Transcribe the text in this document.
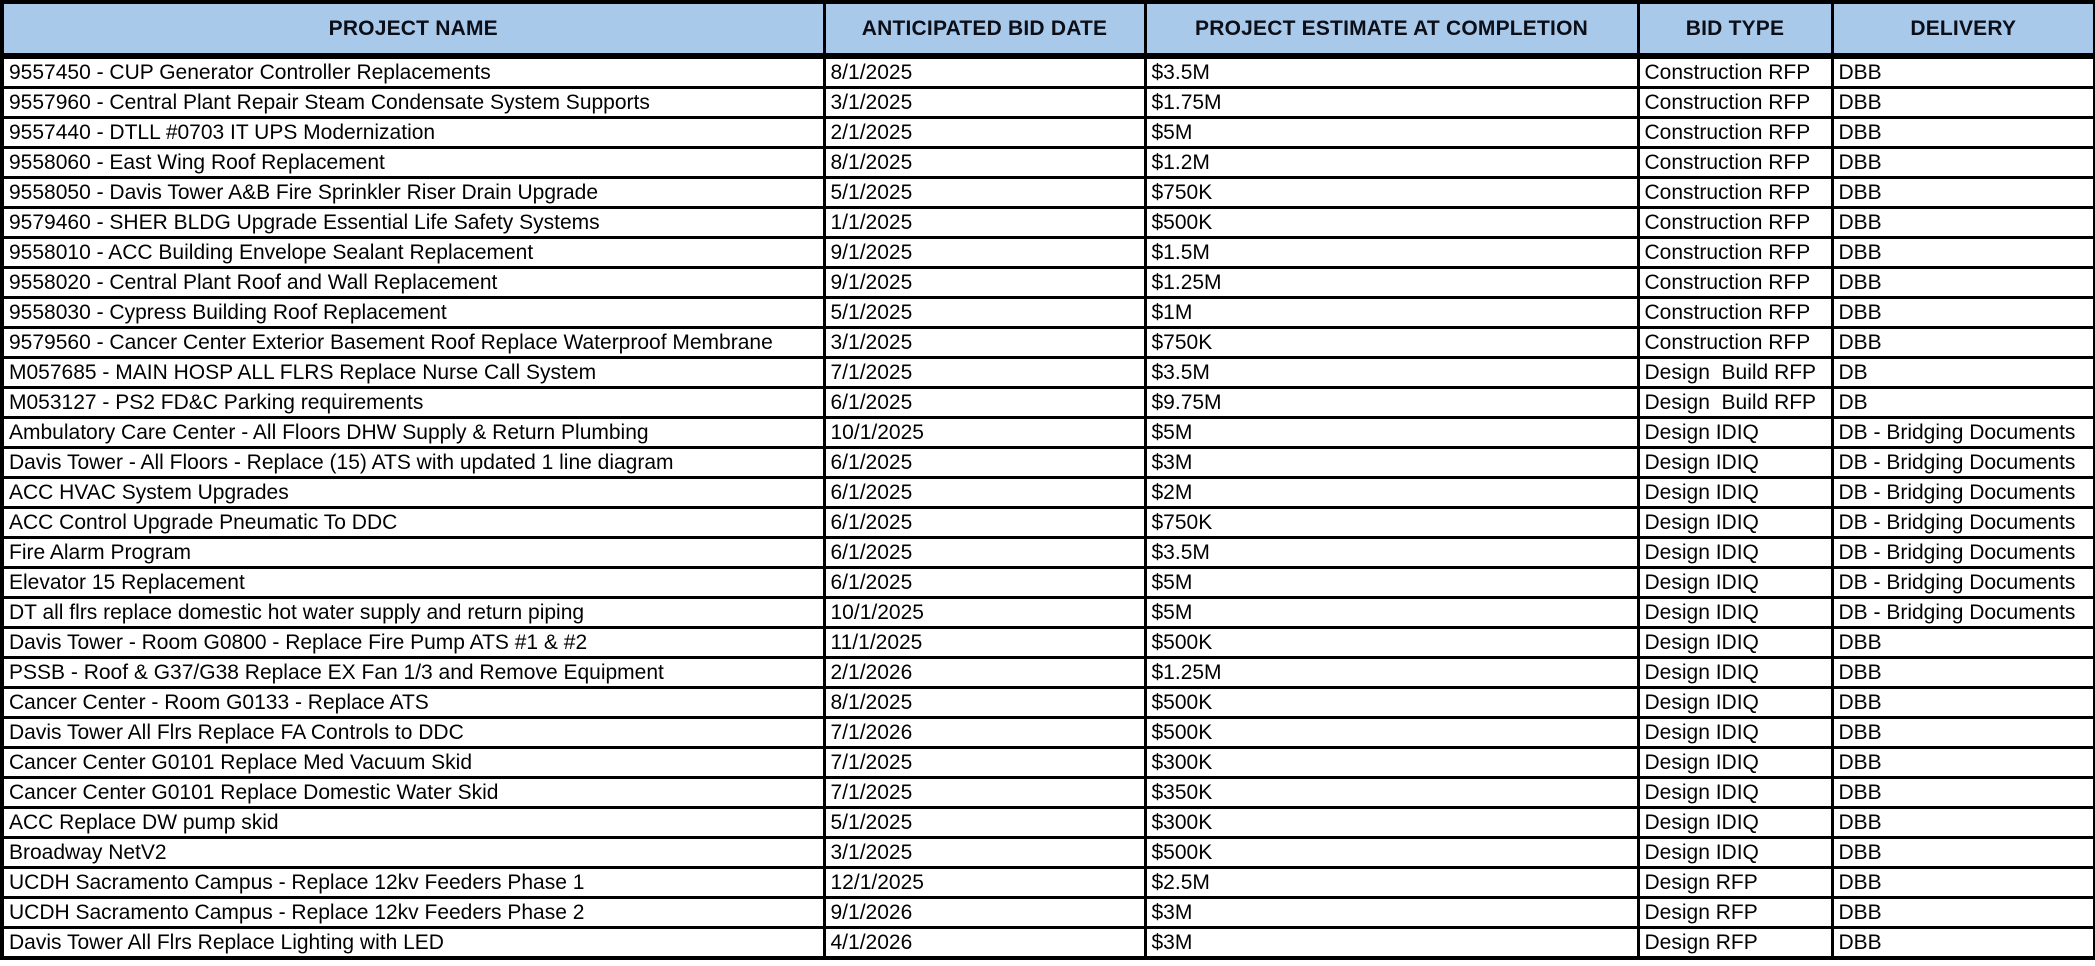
PROJECT NAME	ANTICIPATED BID DATE	PROJECT ESTIMATE AT COMPLETION	BID TYPE	DELIVERY
9557450 - CUP Generator Controller Replacements	8/1/2025	$3.5M	Construction RFP	DBB
9557960 - Central Plant Repair Steam Condensate System Supports	3/1/2025	$1.75M	Construction RFP	DBB
9557440 - DTLL #0703 IT UPS Modernization	2/1/2025	$5M	Construction RFP	DBB
9558060 - East Wing Roof Replacement	8/1/2025	$1.2M	Construction RFP	DBB
9558050 - Davis Tower A&B Fire Sprinkler Riser Drain Upgrade	5/1/2025	$750K	Construction RFP	DBB
9579460 - SHER BLDG Upgrade Essential Life Safety Systems	1/1/2025	$500K	Construction RFP	DBB
9558010 - ACC Building Envelope Sealant Replacement	9/1/2025	$1.5M	Construction RFP	DBB
9558020 - Central Plant Roof and Wall Replacement	9/1/2025	$1.25M	Construction RFP	DBB
9558030 - Cypress Building Roof Replacement	5/1/2025	$1M	Construction RFP	DBB
9579560 - Cancer Center Exterior Basement Roof Replace Waterproof Membrane	3/1/2025	$750K	Construction RFP	DBB
M057685 - MAIN HOSP ALL FLRS Replace Nurse Call System	7/1/2025	$3.5M	Design  Build RFP	DB
M053127 - PS2 FD&C Parking requirements	6/1/2025	$9.75M	Design  Build RFP	DB
Ambulatory Care Center - All Floors DHW Supply & Return Plumbing	10/1/2025	$5M	Design IDIQ	DB - Bridging Documents
Davis Tower - All Floors - Replace (15) ATS with updated 1 line diagram	6/1/2025	$3M	Design IDIQ	DB - Bridging Documents
ACC HVAC System Upgrades	6/1/2025	$2M	Design IDIQ	DB - Bridging Documents
ACC Control Upgrade Pneumatic To DDC	6/1/2025	$750K	Design IDIQ	DB - Bridging Documents
Fire Alarm Program	6/1/2025	$3.5M	Design IDIQ	DB - Bridging Documents
Elevator 15 Replacement	6/1/2025	$5M	Design IDIQ	DB - Bridging Documents
DT all flrs replace domestic hot water supply and return piping	10/1/2025	$5M	Design IDIQ	DB - Bridging Documents
Davis Tower - Room G0800 - Replace Fire Pump ATS #1 & #2	11/1/2025	$500K	Design IDIQ	DBB
PSSB - Roof & G37/G38 Replace EX Fan 1/3 and Remove Equipment	2/1/2026	$1.25M	Design IDIQ	DBB
Cancer Center - Room G0133 - Replace ATS	8/1/2025	$500K	Design IDIQ	DBB
Davis Tower All Flrs Replace FA Controls to DDC	7/1/2026	$500K	Design IDIQ	DBB
Cancer Center G0101 Replace Med Vacuum Skid	7/1/2025	$300K	Design IDIQ	DBB
Cancer Center G0101 Replace Domestic Water Skid	7/1/2025	$350K	Design IDIQ	DBB
ACC Replace DW pump skid	5/1/2025	$300K	Design IDIQ	DBB
Broadway NetV2	3/1/2025	$500K	Design IDIQ	DBB
UCDH Sacramento Campus - Replace 12kv Feeders Phase 1	12/1/2025	$2.5M	Design RFP	DBB
UCDH Sacramento Campus - Replace 12kv Feeders Phase 2	9/1/2026	$3M	Design RFP	DBB
Davis Tower All Flrs Replace Lighting with LED	4/1/2026	$3M	Design RFP	DBB
